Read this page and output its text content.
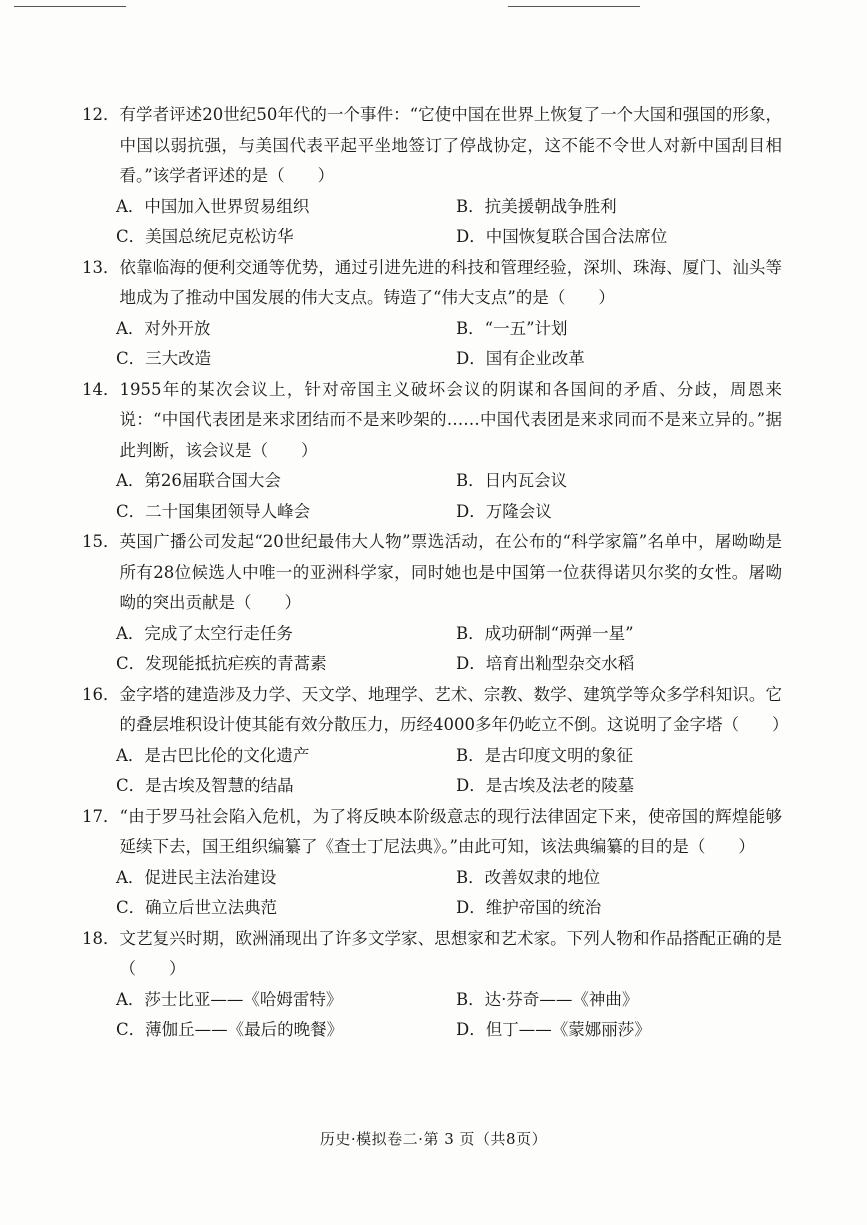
12． 有学者评述20世纪50年代的一个事件：“它使中国在世界上恢复了一个大国和强国的形象，中国以弱抗强，与美国代表平起平坐地签订了停战协定，这不能不令世人对新中国刮目相看。”该学者评述的是（　　）
A． 中国加入世界贸易组织	B． 抗美援朝战争胜利
C． 美国总统尼克松访华	D． 中国恢复联合国合法席位
13． 依靠临海的便利交通等优势，通过引进先进的科技和管理经验，深圳、珠海、厦门、汕头等地成为了推动中国发展的伟大支点。铸造了“伟大支点”的是（　　）
A． 对外开放	B． “一五”计划
C． 三大改造	D． 国有企业改革
14． 1955年的某次会议上，针对帝国主义破坏会议的阴谋和各国间的矛盾、分歧，周恩来说：“中国代表团是来求团结而不是来吵架的……中国代表团是来求同而不是来立异的。”据此判断，该会议是（　　）
A． 第26届联合国大会	B． 日内瓦会议
C． 二十国集团领导人峰会	D． 万隆会议
15． 英国广播公司发起“20世纪最伟大人物”票选活动，在公布的“科学家篇”名单中，屠呦呦是所有28位候选人中唯一的亚洲科学家，同时她也是中国第一位获得诺贝尔奖的女性。屠呦呦的突出贡献是（　　）
A． 完成了太空行走任务	B． 成功研制“两弹一星”
C． 发现能抵抗疟疾的青蒿素	D． 培育出籼型杂交水稻
16． 金字塔的建造涉及力学、天文学、地理学、艺术、宗教、数学、建筑学等众多学科知识。它的叠层堆积设计使其能有效分散压力，历经4000多年仍屹立不倒。这说明了金字塔（　　）
A． 是古巴比伦的文化遗产	B． 是古印度文明的象征
C． 是古埃及智慧的结晶	D． 是古埃及法老的陵墓
17． “由于罗马社会陷入危机，为了将反映本阶级意志的现行法律固定下来，使帝国的辉煌能够延续下去，国王组织编纂了《查士丁尼法典》。”由此可知，该法典编纂的目的是（　　）
A． 促进民主法治建设	B． 改善奴隶的地位
C． 确立后世立法典范	D． 维护帝国的统治
18． 文艺复兴时期，欧洲涌现出了许多文学家、思想家和艺术家。下列人物和作品搭配正确的是（　　）
A． 莎士比亚——《哈姆雷特》	B． 达·芬奇——《神曲》
C． 薄伽丘——《最后的晚餐》	D． 但丁——《蒙娜丽莎》
历史·模拟卷二·第 3 页（共8页）
